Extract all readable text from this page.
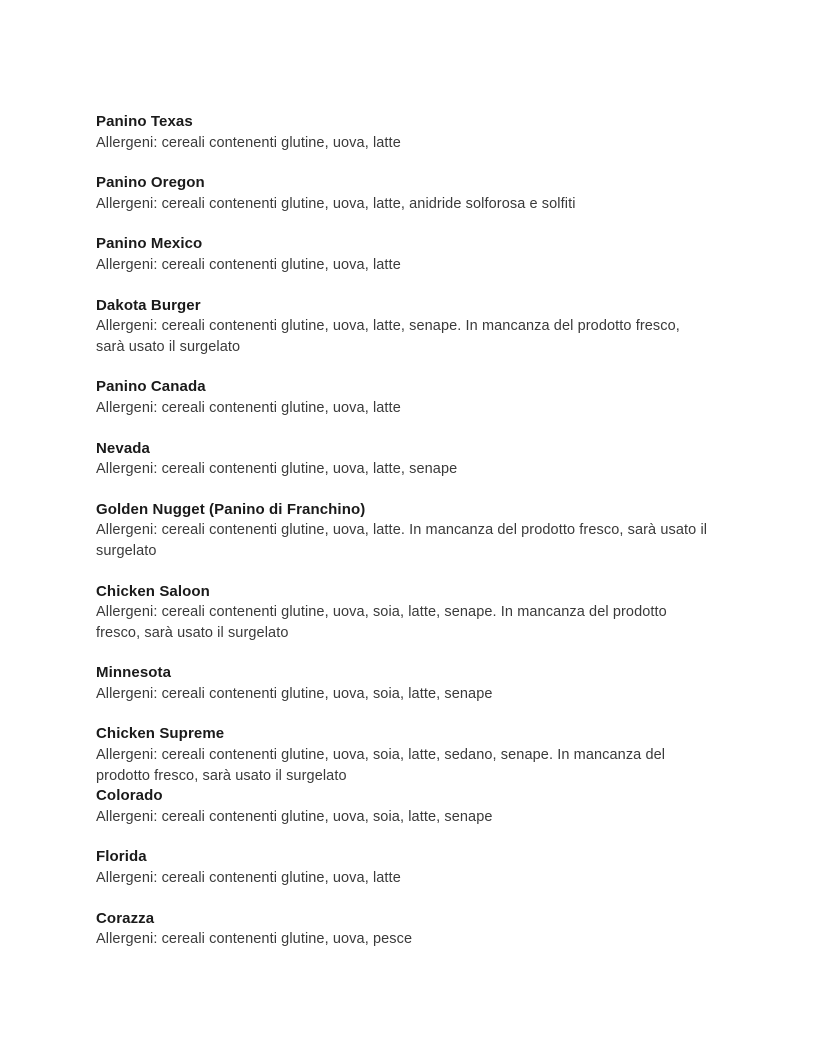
Panino Texas

Allergeni: cereali contenenti glutine, uova, latte

Panino Oregon

Allergeni: cereali contenenti glutine, uova, latte, anidride solforosa e solfiti

Panino Mexico

Allergeni: cereali contenenti glutine, uova, latte

Dakota Burger

Allergeni: cereali contenenti glutine, uova, latte, senape. In mancanza del prodotto fresco, sarà usato il surgelato

Panino Canada

Allergeni: cereali contenenti glutine, uova, latte

Nevada

Allergeni: cereali contenenti glutine, uova, latte, senape

Golden Nugget (Panino di Franchino)

Allergeni: cereali contenenti glutine, uova, latte. In mancanza del prodotto fresco, sarà usato il surgelato

Chicken Saloon

Allergeni: cereali contenenti glutine, uova, soia, latte, senape. In mancanza del prodotto fresco, sarà usato il surgelato

Minnesota

Allergeni: cereali contenenti glutine, uova, soia, latte, senape

Chicken Supreme

Allergeni: cereali contenenti glutine, uova, soia, latte, sedano, senape. In mancanza del prodotto fresco, sarà usato il surgelato

Colorado

Allergeni: cereali contenenti glutine, uova, soia, latte, senape

Florida

Allergeni: cereali contenenti glutine, uova, latte

Corazza

Allergeni: cereali contenenti glutine, uova, pesce
